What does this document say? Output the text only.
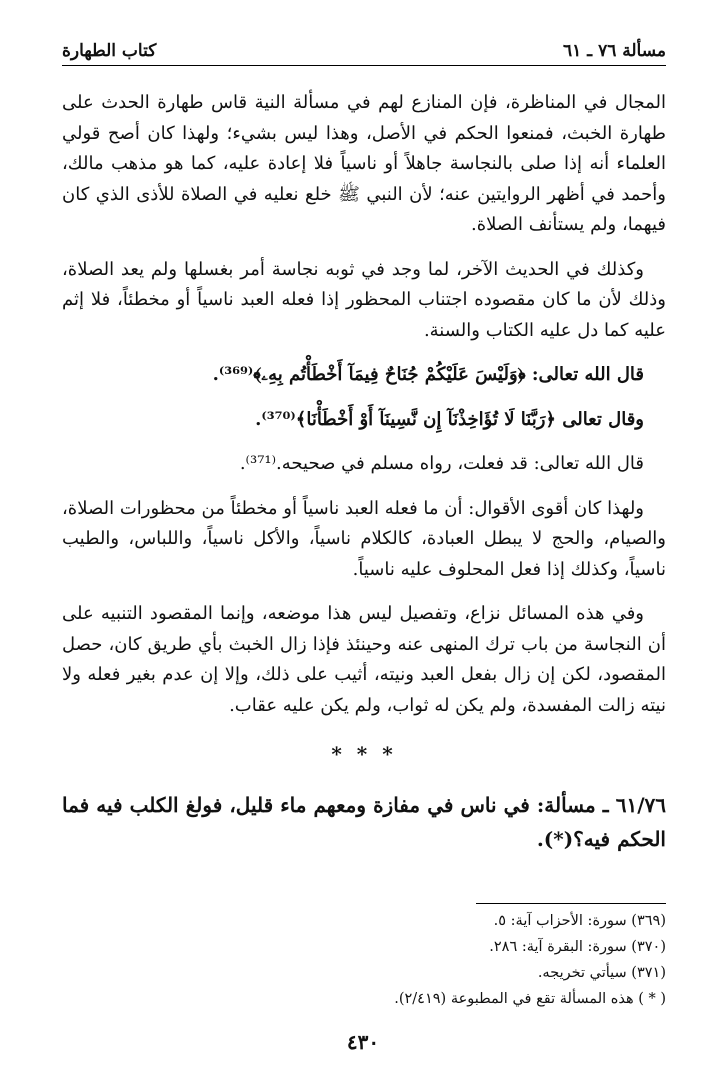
مسألة ٧٦ ـ ٦١
كتاب الطهارة

المجال في المناظرة، فإن المنازع لهم في مسألة النية قاس طهارة الحدث على طهارة الخبث، فمنعوا الحكم في الأصل، وهذا ليس بشيء؛ ولهذا كان أصح قولي العلماء أنه إذا صلى بالنجاسة جاهلاً أو ناسياً فلا إعادة عليه، كما هو مذهب مالك، وأحمد في أظهر الروايتين عنه؛ لأن النبي ﷺ خلع نعليه في الصلاة للأذى الذي كان فيهما، ولم يستأنف الصلاة.

وكذلك في الحديث الآخر، لما وجد في ثوبه نجاسة أمر بغسلها ولم يعد الصلاة، وذلك لأن ما كان مقصوده اجتناب المحظور إذا فعله العبد ناسياً أو مخطئاً، فلا إثم عليه كما دل عليه الكتاب والسنة.

قال الله تعالى: ﴿وَلَيْسَ عَلَيْكُمْ جُنَاحٌ فِيمَآ أَخْطَأْتُم بِهِۦ﴾⁽³⁶⁹⁾.

وقال تعالى ﴿رَبَّنَا لَا تُؤَاخِذْنَآ إِن نَّسِينَآ أَوْ أَخْطَأْنَا﴾⁽³⁷⁰⁾.

قال الله تعالى: قد فعلت، رواه مسلم في صحيحه.⁽³⁷¹⁾.

ولهذا كان أقوى الأقوال: أن ما فعله العبد ناسياً أو مخطئاً من محظورات الصلاة، والصيام، والحج لا يبطل العبادة، كالكلام ناسياً، والأكل ناسياً، واللباس، والطيب ناسياً، وكذلك إذا فعل المحلوف عليه ناسياً.

وفي هذه المسائل نزاع، وتفصيل ليس هذا موضعه، وإنما المقصود التنبيه على أن النجاسة من باب ترك المنهى عنه وحينئذ فإذا زال الخبث بأي طريق كان، حصل المقصود، لكن إن زال بفعل العبد ونيته، أثيب على ذلك، وإلا إن عدم بغير فعله ولا نيته زالت المفسدة، ولم يكن له ثواب، ولم يكن عليه عقاب.

* * *

٦١/٧٦ ـ مسألة: في ناس في مفازة ومعهم ماء قليل، فولغ الكلب فيه فما الحكم فيه؟(*).

(٣٦٩) سورة: الأحزاب آية: ٥.

(٣٧٠) سورة: البقرة آية: ٢٨٦.

(٣٧١) سيأتي تخريجه.

( * ) هذه المسألة تقع في المطبوعة (٢/٤١٩).

٤٣٠
